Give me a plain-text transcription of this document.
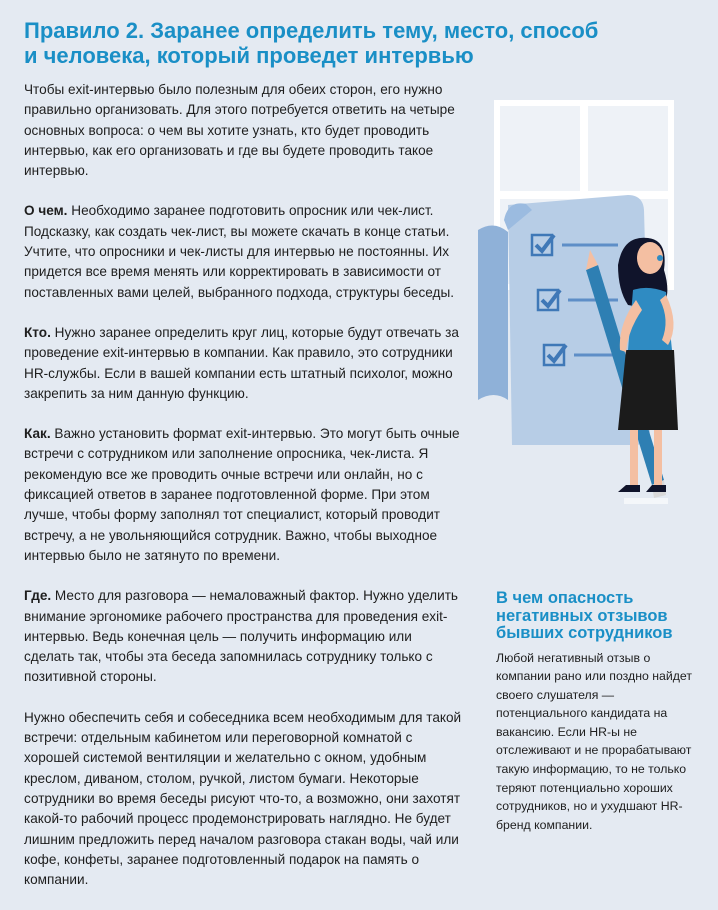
Правило 2. Заранее определить тему, место, способ
и человека, который проведет интервью

Чтобы exit-интервью было полезным для обеих сторон, его нужно правильно организовать. Для этого потребуется ответить на четыре основных вопроса: о чем вы хотите узнать, кто будет проводить интервью, как его организовать и где вы будете проводить такое интервью.

О чем. Необходимо заранее подготовить опросник или чек-лист. Подсказку, как создать чек-лист, вы можете скачать в конце статьи. Учтите, что опросники и чек-листы для интервью не постоянны. Их придется все время менять или корректировать в зависимости от поставленных вами целей, выбранного подхода, структуры беседы.

Кто. Нужно заранее определить круг лиц, которые будут отвечать за проведение exit-интервью в компании. Как правило, это сотрудники HR-службы. Если в вашей компании есть штатный психолог, можно закрепить за ним данную функцию.

Как. Важно установить формат exit-интервью. Это могут быть очные встречи с сотрудником или заполнение опросника, чек-листа. Я рекомендую все же проводить очные встречи или онлайн, но с фиксацией ответов в заранее подготовленной форме. При этом лучше, чтобы форму заполнял тот специалист, который проводит встречу, а не увольняющийся сотрудник. Важно, чтобы выходное интервью было не затянуто по времени.

Где. Место для разговора — немаловажный фактор. Нужно уделить внимание эргономике рабочего пространства для проведения exit-интервью. Ведь конечная цель — получить информацию или сделать так, чтобы эта беседа запомнилась сотруднику только с позитивной стороны.

Нужно обеспечить себя и собеседника всем необходимым для такой встречи: отдельным кабинетом или переговорной комнатой с хорошей системой вентиляции и желательно с окном, удобным креслом, диваном, столом, ручкой, листом бумаги. Некоторые сотрудники во время беседы рисуют что-то, а возможно, они захотят какой-то рабочий процесс продемонстрировать наглядно. Не будет лишним предложить перед началом разговора стакан воды, чай или кофе, конфеты, заранее подготовленный подарок на память о компании.

В чем опасность
негативных отзывов
бывших сотрудников

Любой негативный отзыв о компании рано или поздно найдет своего слушателя — потенциального кандидата на вакансию. Если HR-ы не отслеживают и не прорабатывают такую информацию, то не только теряют потенциально хороших сотрудников, но и ухудшают HR-бренд компании.
